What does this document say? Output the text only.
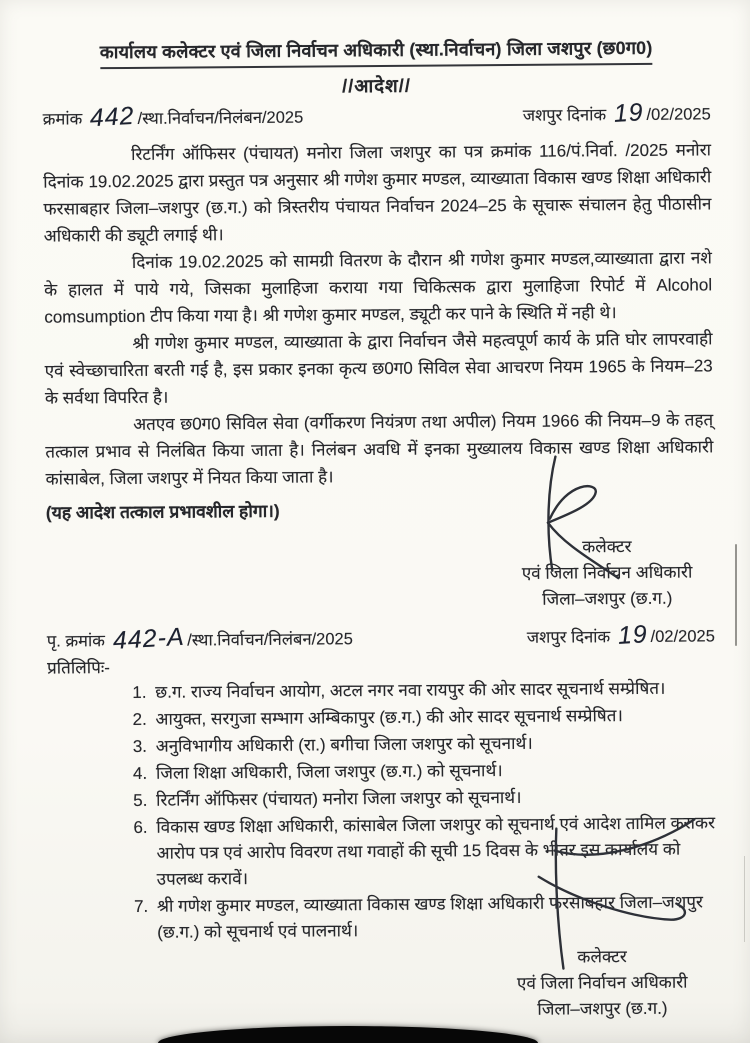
कार्यालय कलेक्टर एवं जिला निर्वाचन अधिकारी (स्था.निर्वाचन) जिला जशपुर (छ0ग0)
//आदेश//
क्रमांक 442 /स्था.निर्वाचन/निलंबन/2025	जशपुर दिनांक 19 /02/2025

रिटर्निंग ऑफिसर (पंचायत) मनोरा जिला जशपुर का पत्र क्रमांक 116/पं.निर्वा. /2025 मनोरा दिनांक 19.02.2025 द्वारा प्रस्तुत पत्र अनुसार श्री गणेश कुमार मण्डल, व्याख्याता विकास खण्ड शिक्षा अधिकारी फरसाबहार जिला–जशपुर (छ.ग.) को त्रिस्तरीय पंचायत निर्वाचन 2024–25 के सूचारू संचालन हेतु पीठासीन अधिकारी की ड्यूटी लगाई थी।

दिनांक 19.02.2025 को सामग्री वितरण के दौरान श्री गणेश कुमार मण्डल,व्याख्याता द्वारा नशे के हालत में पाये गये, जिसका मुलाहिजा कराया गया चिकित्सक द्वारा मुलाहिजा रिपोर्ट में Alcohol comsumption टीप किया गया है। श्री गणेश कुमार मण्डल, ड्यूटी कर पाने के स्थिति में नही थे।

श्री गणेश कुमार मण्डल, व्याख्याता के द्वारा निर्वाचन जैसे महत्वपूर्ण कार्य के प्रति घोर लापरवाही एवं स्वेच्छाचारिता बरती गई है, इस प्रकार इनका कृत्य छ0ग0 सिविल सेवा आचरण नियम 1965 के नियम–23 के सर्वथा विपरित है।

अतएव छ0ग0 सिविल सेवा (वर्गीकरण नियंत्रण तथा अपील) नियम 1966 की नियम–9 के तहत् तत्काल प्रभाव से निलंबित किया जाता है। निलंबन अवधि में इनका मुख्यालय विकास खण्ड शिक्षा अधिकारी कांसाबेल, जिला जशपुर में नियत किया जाता है।

(यह आदेश तत्काल प्रभावशील होगा।)

कलेक्टर
एवं जिला निर्वाचन अधिकारी
जिला–जशपुर (छ.ग.)
पृ. क्रमांक 442-A /स्था.निर्वाचन/निलंबन/2025	जशपुर दिनांक 19 /02/2025
प्रतिलिपिः-
1. छ.ग. राज्य निर्वाचन आयोग, अटल नगर नवा रायपुर की ओर सादर सूचनार्थ सम्प्रेषित।
2. आयुक्त, सरगुजा सम्भाग अम्बिकापुर (छ.ग.) की ओर सादर सूचनार्थ सम्प्रेषित।
3. अनुविभागीय अधिकारी (रा.) बगीचा जिला जशपुर को सूचनार्थ।
4. जिला शिक्षा अधिकारी, जिला जशपुर (छ.ग.) को सूचनार्थ।
5. रिटर्निंग ऑफिसर (पंचायत) मनोरा जिला जशपुर को सूचनार्थ।
6. विकास खण्ड शिक्षा अधिकारी, कांसाबेल जिला जशपुर को सूचनार्थ एवं आदेश तामिल कराकर आरोप पत्र एवं आरोप विवरण तथा गवाहों की सूची 15 दिवस के भीतर इस कार्यालय को उपलब्ध करावें।
7. श्री गणेश कुमार मण्डल, व्याख्याता विकास खण्ड शिक्षा अधिकारी फरसाबहार जिला–जशपुर (छ.ग.) को सूचनार्थ एवं पालनार्थ।
कलेक्टर
एवं जिला निर्वाचन अधिकारी
जिला–जशपुर (छ.ग.)
